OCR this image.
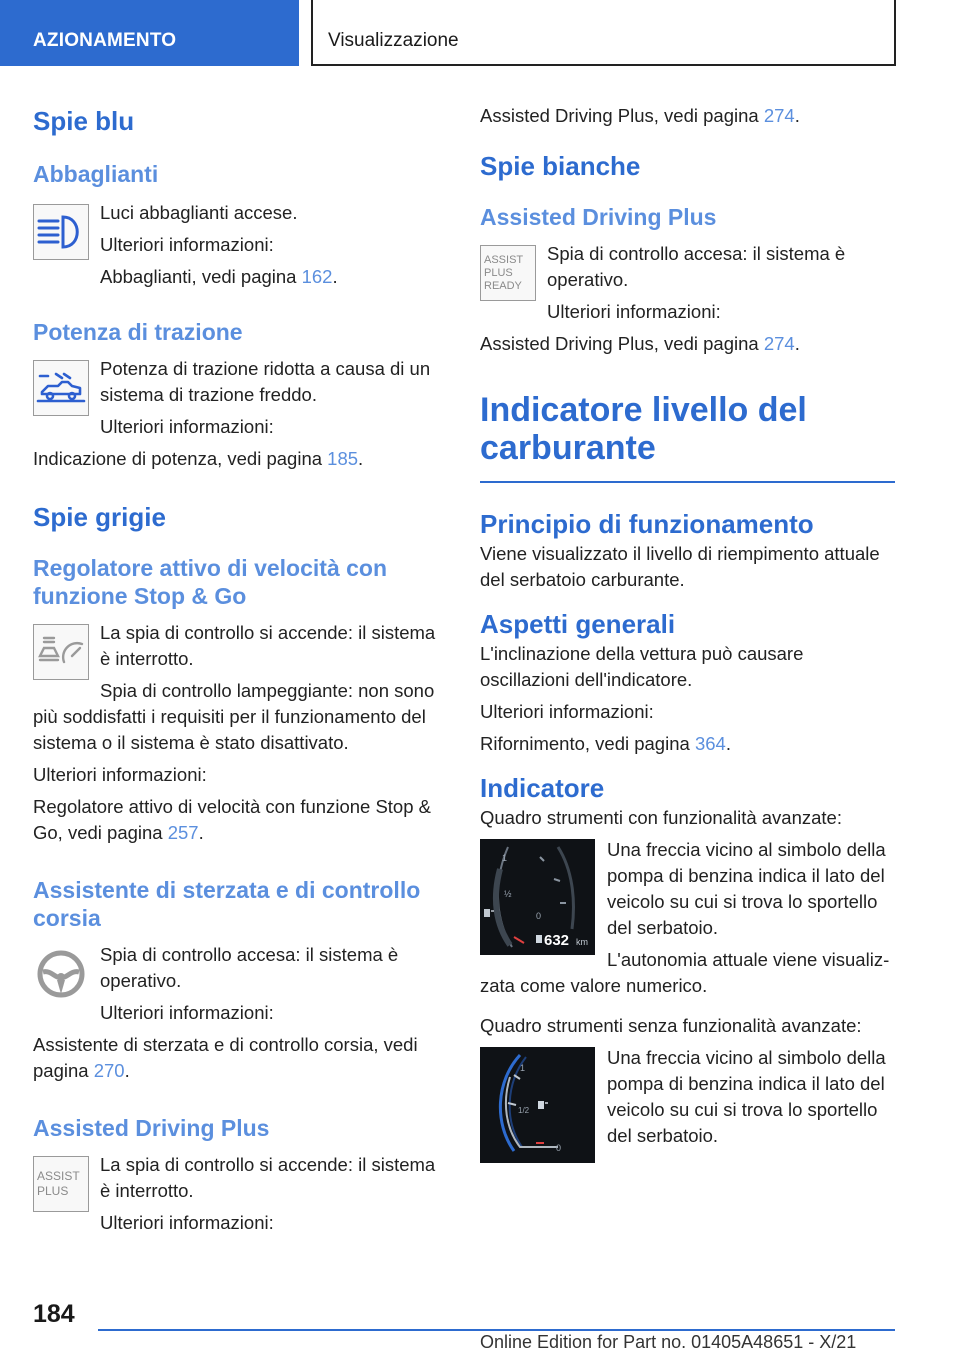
AZIONAMENTO	Visualizzazione
Spie blu
Abbaglianti

Luci abbaglianti accese.

Ulteriori informazioni:

Abbaglianti, vedi pagina 162.

Potenza di trazione

Potenza di trazione ridotta a causa di un sistema di trazione freddo.

Ulteriori informazioni:

Indicazione di potenza, vedi pagina 185.

Spie grigie
Regolatore attivo di velocità con funzione Stop & Go

La spia di controllo si accende: il sistema è interrotto.

Spia di controllo lampeggiante: non sono

più soddisfatti i requisiti per il funzionamento del sistema o il sistema è stato disattivato.

Ulteriori informazioni:

Regolatore attivo di velocità con funzione Stop & Go, vedi pagina 257.

Assistente di sterzata e di controllo corsia

Spia di controllo accesa: il sistema è operativo.

Ulteriori informazioni:

Assistente di sterzata e di controllo corsia, vedi pagina 270.

Assisted Driving Plus
ASSIST
PLUS

La spia di controllo si accende: il sistema è interrotto.

Ulteriori informazioni:

Assisted Driving Plus, vedi pagina 274.

Spie bianche
Assisted Driving Plus
ASSIST
PLUS
READY

Spia di controllo accesa: il sistema è operativo.

Ulteriori informazioni:

Assisted Driving Plus, vedi pagina 274.

Indicatore livello del carburante
Principio di funzionamento

Viene visualizzato il livello di riempimento attuale del serbatoio carburante.

Aspetti generali

L'inclinazione della vettura può causare oscillazioni dell'indicatore.

Ulteriori informazioni:

Rifornimento, vedi pagina 364.

Indicatore

Quadro strumenti con funzionalità avanzate:

1
½
0
632 km

Una freccia vicino al simbolo della pompa di benzina indica il lato del veicolo su cui si trova lo sportello del serbatoio.

L'autonomia attuale viene visualiz-

zata come valore numerico.

Quadro strumenti senza funzionalità avanzate:

1
1/2
0

Una freccia vicino al simbolo della pompa di benzina indica il lato del veicolo su cui si trova lo sportello del serbatoio.

184
Online Edition for Part no. 01405A48651 - X/21
